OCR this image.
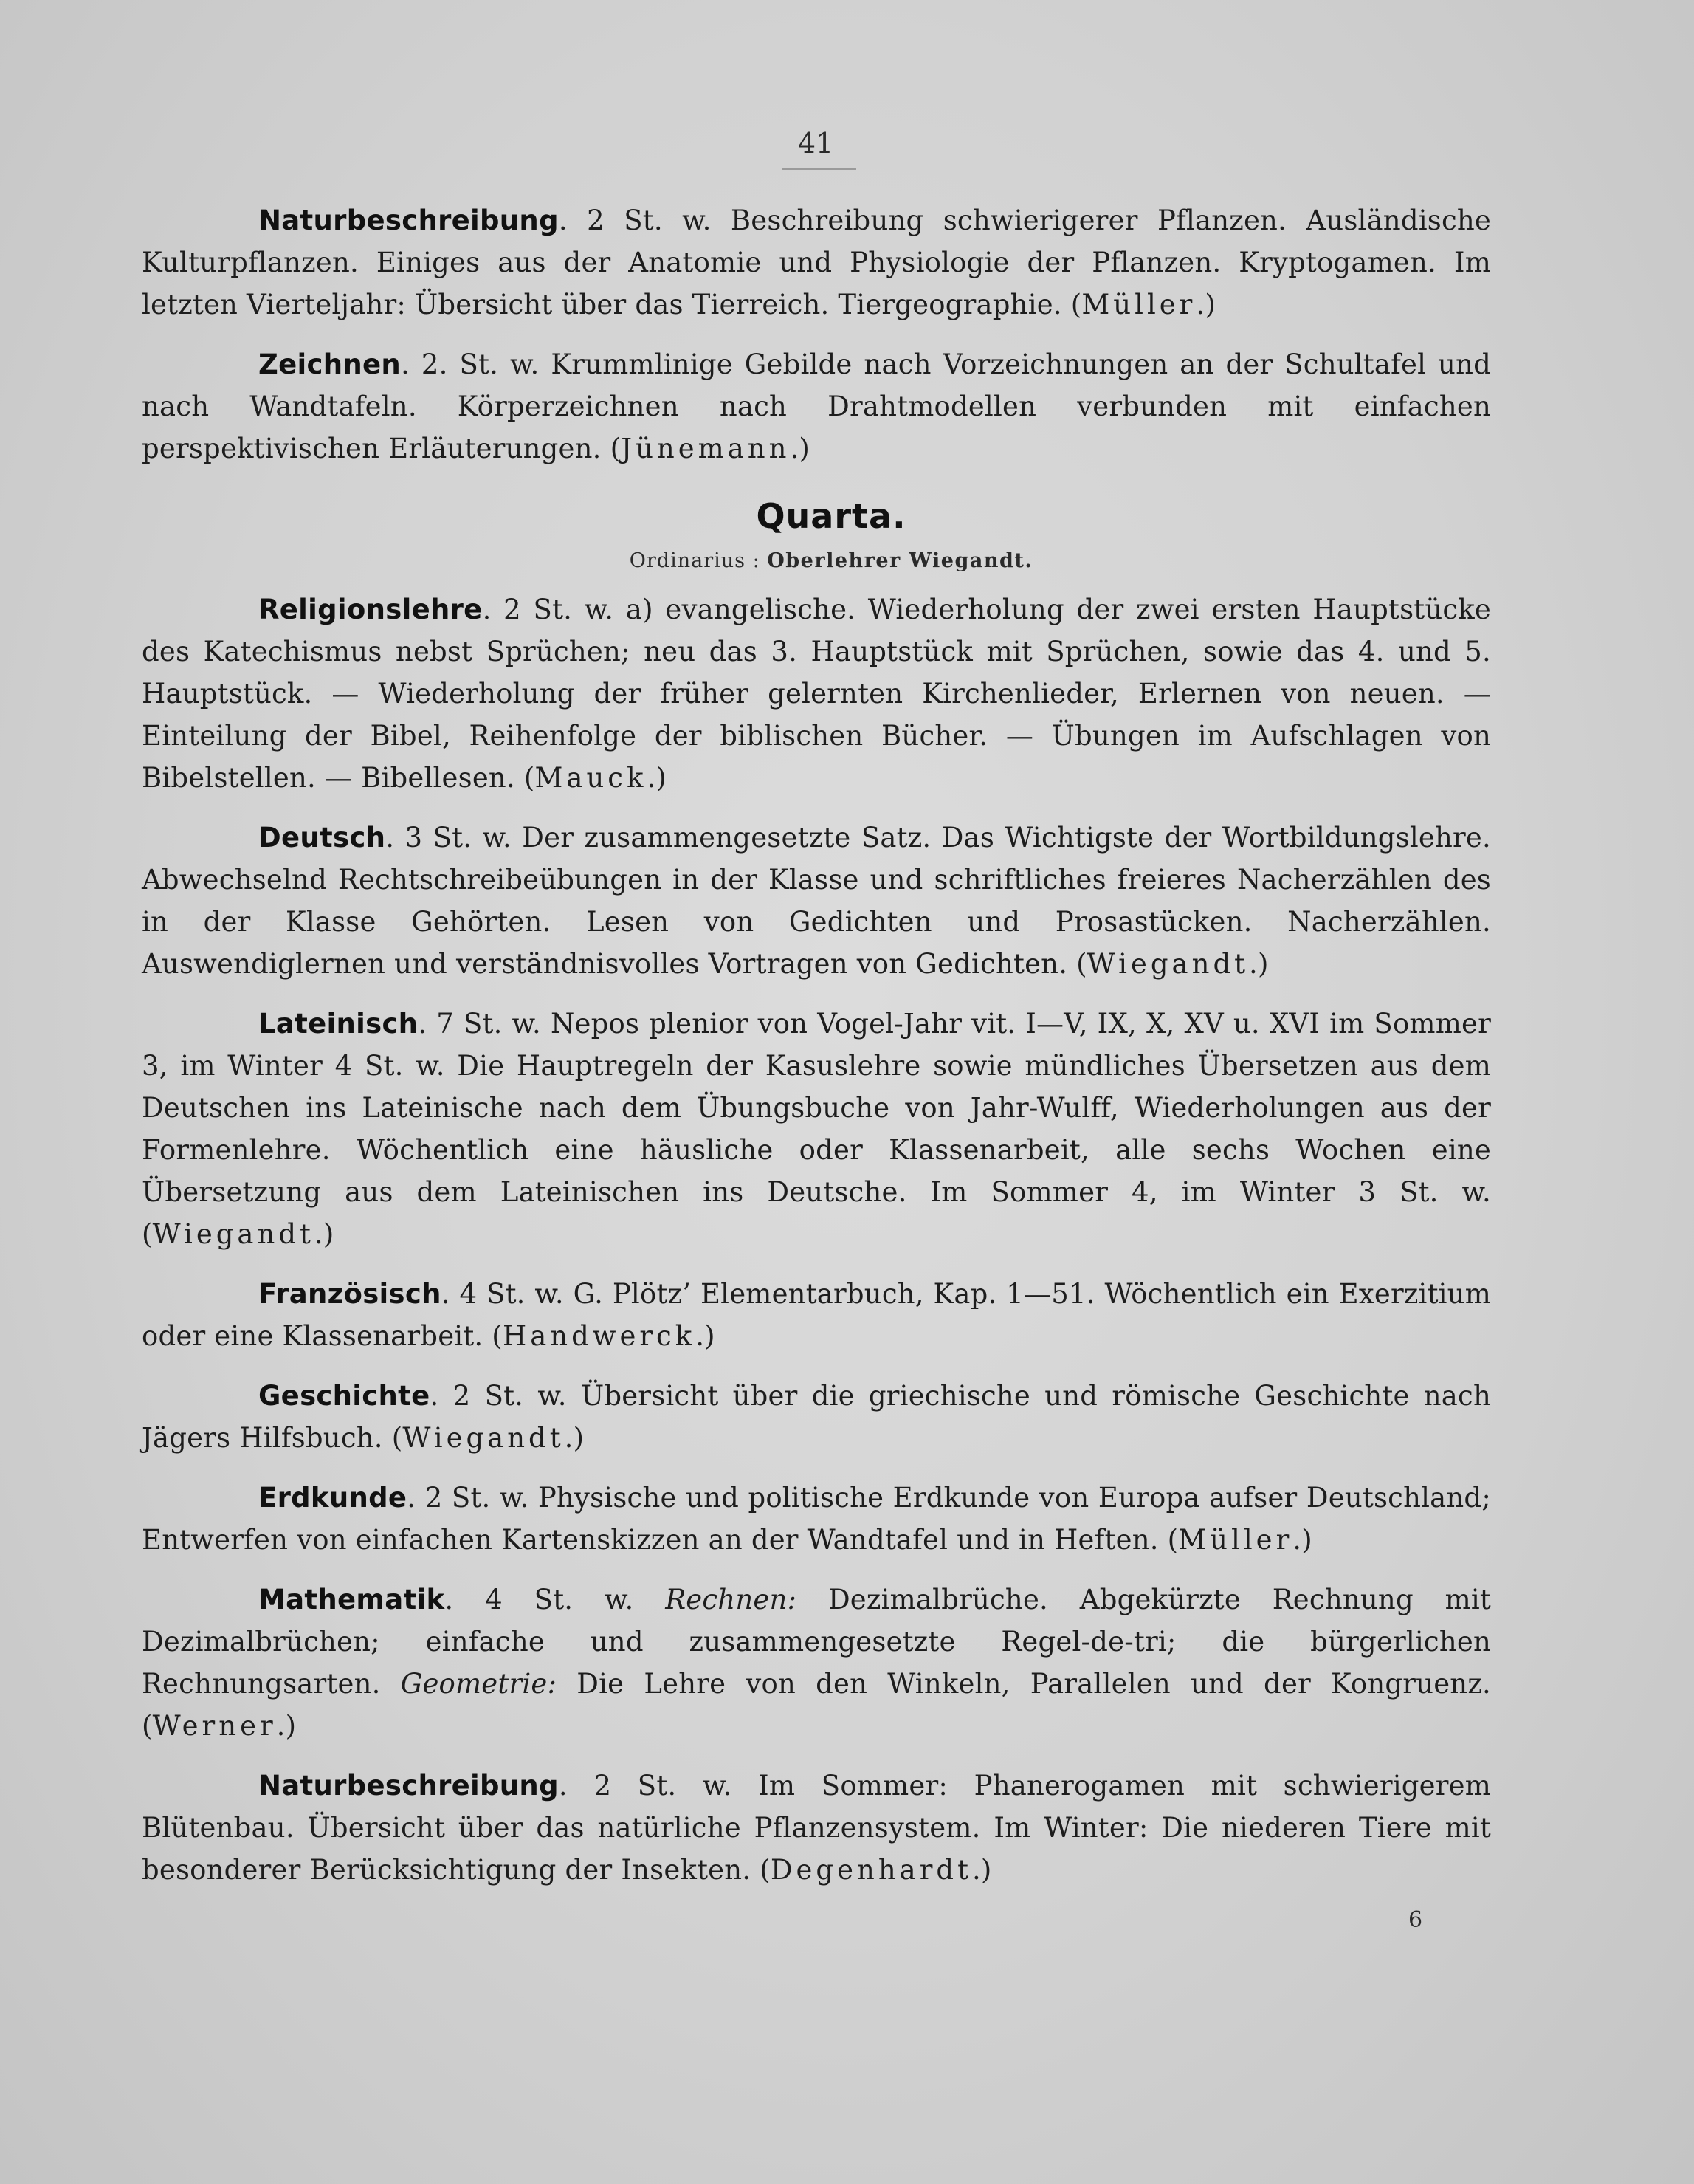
41

Naturbeschreibung. 2 St. w. Beschreibung schwierigerer Pflanzen. Ausländische Kulturpflanzen. Einiges aus der Anatomie und Physiologie der Pflanzen. Kryptogamen. Im letzten Vierteljahr: Übersicht über das Tierreich. Tiergeographie. (Müller.)

Zeichnen. 2. St. w. Krummlinige Gebilde nach Vorzeichnungen an der Schultafel und nach Wandtafeln. Körperzeichnen nach Drahtmodellen verbunden mit einfachen perspektivischen Erläuterungen. (Jünemann.)

Quarta.
Ordinarius : Oberlehrer Wiegandt.

Religionslehre. 2 St. w. a) evangelische. Wiederholung der zwei ersten Hauptstücke des Katechismus nebst Sprüchen; neu das 3. Hauptstück mit Sprüchen, sowie das 4. und 5. Hauptstück. — Wiederholung der früher gelernten Kirchenlieder, Erlernen von neuen. — Einteilung der Bibel, Reihenfolge der biblischen Bücher. — Übungen im Aufschlagen von Bibelstellen. — Bibellesen. (Mauck.)

Deutsch. 3 St. w. Der zusammengesetzte Satz. Das Wichtigste der Wortbildungslehre. Abwechselnd Rechtschreibeübungen in der Klasse und schriftliches freieres Nacherzählen des in der Klasse Gehörten. Lesen von Gedichten und Prosastücken. Nacherzählen. Auswendiglernen und verständnisvolles Vortragen von Gedichten. (Wiegandt.)

Lateinisch. 7 St. w. Nepos plenior von Vogel-Jahr vit. I—V, IX, X, XV u. XVI im Sommer 3, im Winter 4 St. w. Die Hauptregeln der Kasuslehre sowie mündliches Übersetzen aus dem Deutschen ins Lateinische nach dem Übungsbuche von Jahr-Wulff, Wiederholungen aus der Formenlehre. Wöchentlich eine häusliche oder Klassenarbeit, alle sechs Wochen eine Übersetzung aus dem Lateinischen ins Deutsche. Im Sommer 4, im Winter 3 St. w. (Wiegandt.)

Französisch. 4 St. w. G. Plötz’ Elementarbuch, Kap. 1—51. Wöchentlich ein Exerzitium oder eine Klassenarbeit. (Handwerck.)

Geschichte. 2 St. w. Übersicht über die griechische und römische Geschichte nach Jägers Hilfsbuch. (Wiegandt.)

Erdkunde. 2 St. w. Physische und politische Erdkunde von Europa aufser Deutschland; Entwerfen von einfachen Kartenskizzen an der Wandtafel und in Heften. (Müller.)

Mathematik. 4 St. w. Rechnen: Dezimalbrüche. Abgekürzte Rechnung mit Dezimalbrüchen; einfache und zusammengesetzte Regel-de-tri; die bürgerlichen Rechnungsarten. Geometrie: Die Lehre von den Winkeln, Parallelen und der Kongruenz. (Werner.)

Naturbeschreibung. 2 St. w. Im Sommer: Phanerogamen mit schwierigerem Blütenbau. Übersicht über das natürliche Pflanzensystem. Im Winter: Die niederen Tiere mit besonderer Berücksichtigung der Insekten. (Degenhardt.)

6
